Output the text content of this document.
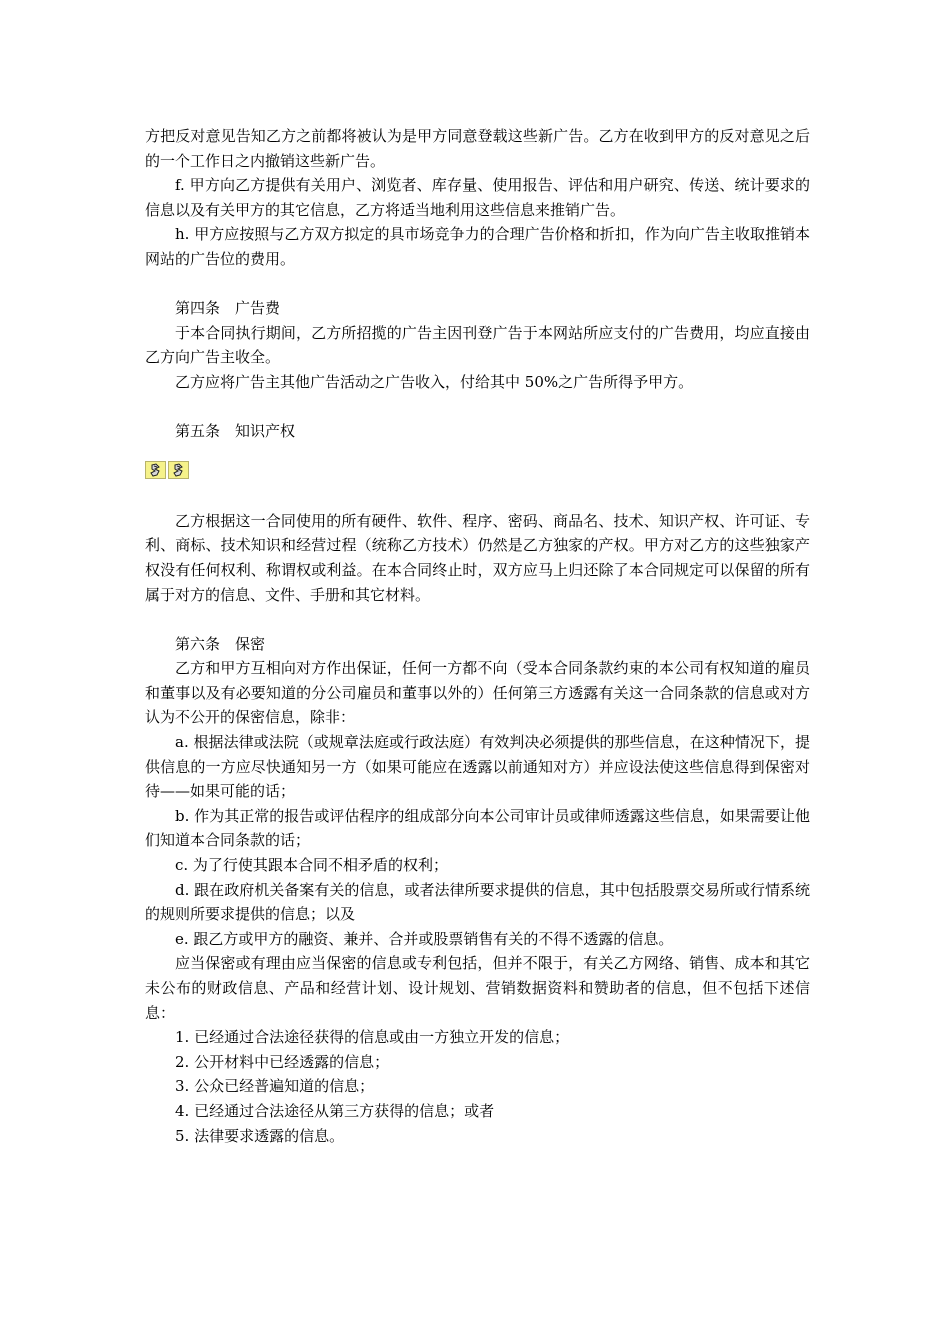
方把反对意见告知乙方之前都将被认为是甲方同意登载这些新广告。乙方在收到甲方的反对意见之后的一个工作日之内撤销这些新广告。

f. 甲方向乙方提供有关用户、浏览者、库存量、使用报告、评估和用户研究、传送、统计要求的信息以及有关甲方的其它信息，乙方将适当地利用这些信息来推销广告。

h. 甲方应按照与乙方双方拟定的具市场竞争力的合理广告价格和折扣，作为向广告主收取推销本网站的广告位的费用。

第四条　广告费

于本合同执行期间，乙方所招揽的广告主因刊登广告于本网站所应支付的广告费用，均应直接由乙方向广告主收全。

乙方应将广告主其他广告活动之广告收入，付给其中 50%之广告所得予甲方。

第五条　知识产权

乙方根据这一合同使用的所有硬件、软件、程序、密码、商品名、技术、知识产权、许可证、专利、商标、技术知识和经营过程（统称乙方技术）仍然是乙方独家的产权。甲方对乙方的这些独家产权没有任何权利、称谓权或利益。在本合同终止时，双方应马上归还除了本合同规定可以保留的所有属于对方的信息、文件、手册和其它材料。

第六条　保密

乙方和甲方互相向对方作出保证，任何一方都不向（受本合同条款约束的本公司有权知道的雇员和董事以及有必要知道的分公司雇员和董事以外的）任何第三方透露有关这一合同条款的信息或对方认为不公开的保密信息，除非：

a. 根据法律或法院（或规章法庭或行政法庭）有效判决必须提供的那些信息，在这种情况下，提供信息的一方应尽快通知另一方（如果可能应在透露以前通知对方）并应设法使这些信息得到保密对待——如果可能的话；

b. 作为其正常的报告或评估程序的组成部分向本公司审计员或律师透露这些信息，如果需要让他们知道本合同条款的话；

c. 为了行使其跟本合同不相矛盾的权利；

d. 跟在政府机关备案有关的信息，或者法律所要求提供的信息，其中包括股票交易所或行情系统的规则所要求提供的信息；以及

e. 跟乙方或甲方的融资、兼并、合并或股票销售有关的不得不透露的信息。

应当保密或有理由应当保密的信息或专利包括，但并不限于，有关乙方网络、销售、成本和其它未公布的财政信息、产品和经营计划、设计规划、营销数据资料和赞助者的信息，但不包括下述信息：

1. 已经通过合法途径获得的信息或由一方独立开发的信息；

2. 公开材料中已经透露的信息；

3. 公众已经普遍知道的信息；

4. 已经通过合法途径从第三方获得的信息；或者

5. 法律要求透露的信息。
